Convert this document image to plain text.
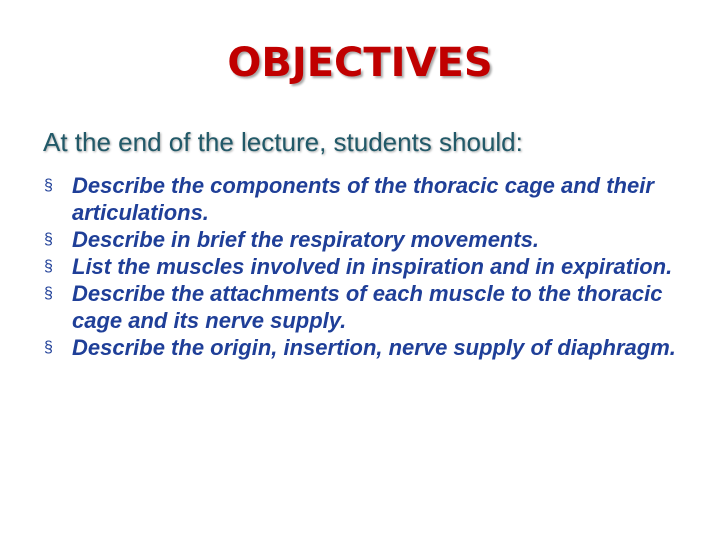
OBJECTIVES
At the end of the lecture, students should:
§ Describe the components of the thoracic cage and their articulations.
§ Describe in brief the respiratory movements.
§ List the muscles involved in inspiration and in expiration.
§ Describe the attachments of each muscle to the thoracic cage and its nerve supply.
§ Describe the origin, insertion, nerve supply of diaphragm.
